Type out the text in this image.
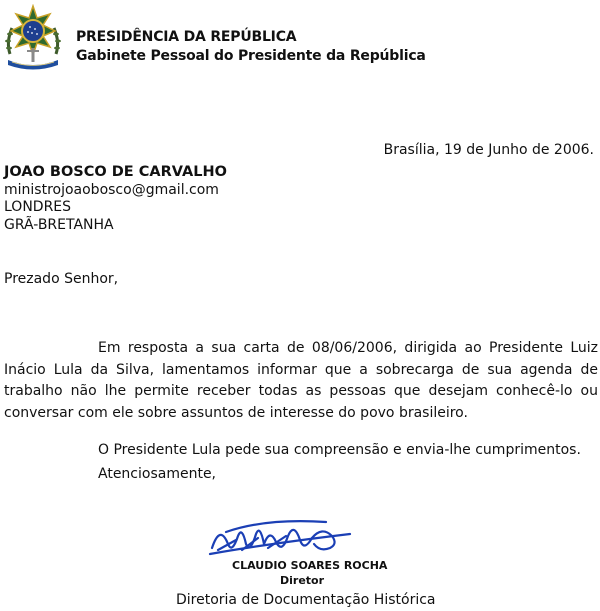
PRESIDÊNCIA DA REPÚBLICA
Gabinete Pessoal do Presidente da República
Brasília, 19 de Junho de 2006.
JOAO BOSCO DE CARVALHO
ministrojoaobosco@gmail.com
LONDRES
GRÃ-BRETANHA
Prezado Senhor,
Em resposta a sua carta de 08/06/2006, dirigida ao Presidente Luiz Inácio Lula da Silva, lamentamos informar que a sobrecarga de sua agenda de trabalho não lhe permite receber todas as pessoas que desejam conhecê-lo ou conversar com ele sobre assuntos de interesse do povo brasileiro.
O Presidente Lula pede sua compreensão e envia-lhe cumprimentos.
Atenciosamente,
CLAUDIO SOARES ROCHA
Diretor
Diretoria de Documentação Histórica
